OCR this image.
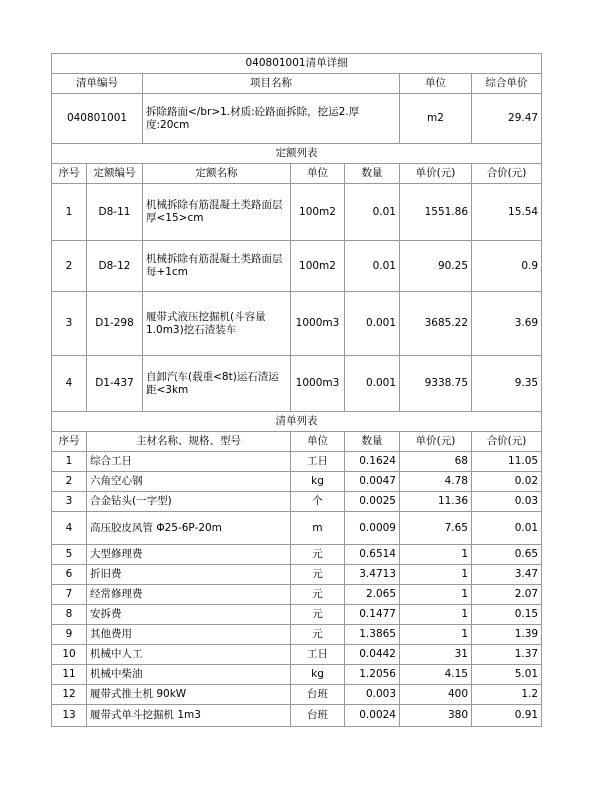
040801001清单详细						
清单编号		项目名称			单位	综合单价
040801001		拆除路面</br>1.材质:砼路面拆除，挖运2.厚度:20cm			m2	29.47
定额列表						
序号	定额编号	定额名称	单位	数量	单价(元)	合价(元)
1	D8-11	机械拆除有筋混凝土类路面层厚<15>cm	100m2	0.01	1551.86	15.54
2	D8-12	机械拆除有筋混凝土类路面层每+1cm	100m2	0.01	90.25	0.9
3	D1-298	履带式液压挖掘机(斗容量1.0m3)挖石渣装车	1000m3	0.001	3685.22	3.69
4	D1-437	自卸汽车(载重<8t)运石渣运距<3km	1000m3	0.001	9338.75	9.35
清单列表						
序号	主材名称、规格、型号		单位	数量	单价(元)	合价(元)
1	综合工日		工日	0.1624	68	11.05
2	六角空心钢		kg	0.0047	4.78	0.02
3	合金钻头(一字型)		个	0.0025	11.36	0.03
4	高压胶皮风管 Φ25-6P-20m		m	0.0009	7.65	0.01
5	大型修理费		元	0.6514	1	0.65
6	折旧费		元	3.4713	1	3.47
7	经常修理费		元	2.065	1	2.07
8	安拆费		元	0.1477	1	0.15
9	其他费用		元	1.3865	1	1.39
10	机械中人工		工日	0.0442	31	1.37
11	机械中柴油		kg	1.2056	4.15	5.01
12	履带式推土机 90kW		台班	0.003	400	1.2
13	履带式单斗挖掘机 1m3		台班	0.0024	380	0.91
